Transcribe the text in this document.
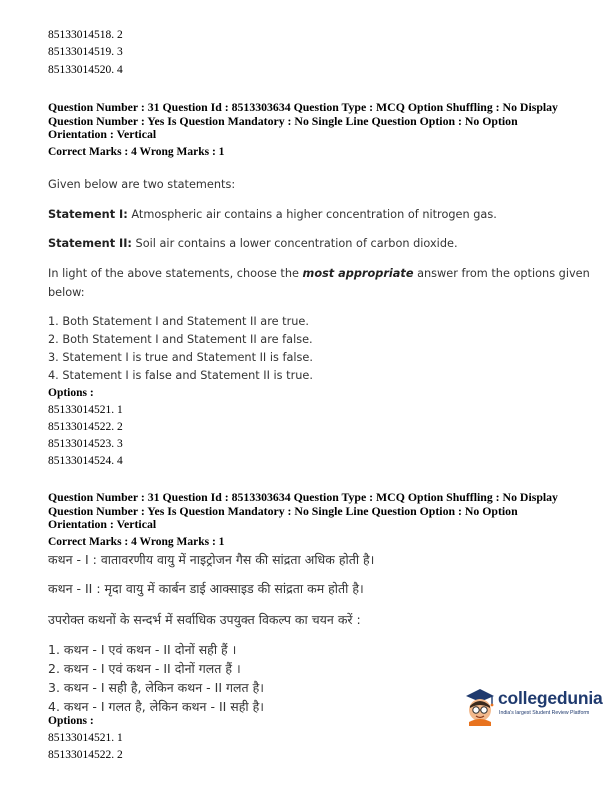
85133014518. 2
85133014519. 3
85133014520. 4
Question Number : 31 Question Id : 8513303634 Question Type : MCQ Option Shuffling : No Display Question Number : Yes Is Question Mandatory : No Single Line Question Option : No Option Orientation : Vertical
Correct Marks : 4 Wrong Marks : 1
Given below are two statements:
Statement I: Atmospheric air contains a higher concentration of nitrogen gas.
Statement II: Soil air contains a lower concentration of carbon dioxide.
In light of the above statements, choose the most appropriate answer from the options given
below:
1. Both Statement I and Statement II are true.
2. Both Statement I and Statement II are false.
3. Statement I is true and Statement II is false.
4. Statement I is false and Statement II is true.
Options :
85133014521. 1
85133014522. 2
85133014523. 3
85133014524. 4
Question Number : 31 Question Id : 8513303634 Question Type : MCQ Option Shuffling : No Display Question Number : Yes Is Question Mandatory : No Single Line Question Option : No Option Orientation : Vertical
Correct Marks : 4 Wrong Marks : 1
कथन - I : वातावरणीय वायु में नाइट्रोजन गैस की सांद्रता अधिक होती है।
कथन - II : मृदा वायु में कार्बन डाई आक्साइड की सांद्रता कम होती है।
उपरोक्त कथनों के सन्दर्भ में सर्वाधिक उपयुक्त विकल्प का चयन करें :
1. कथन - I एवं कथन - II दोनों सही हैं ।
2. कथन - I एवं कथन - II दोनों गलत हैं ।
3. कथन - I सही है, लेकिन कथन - II गलत है।
4. कथन - I गलत है, लेकिन कथन - II सही है।
Options :
85133014521. 1
85133014522. 2
collegedunia
India's largest Student Review Platform
